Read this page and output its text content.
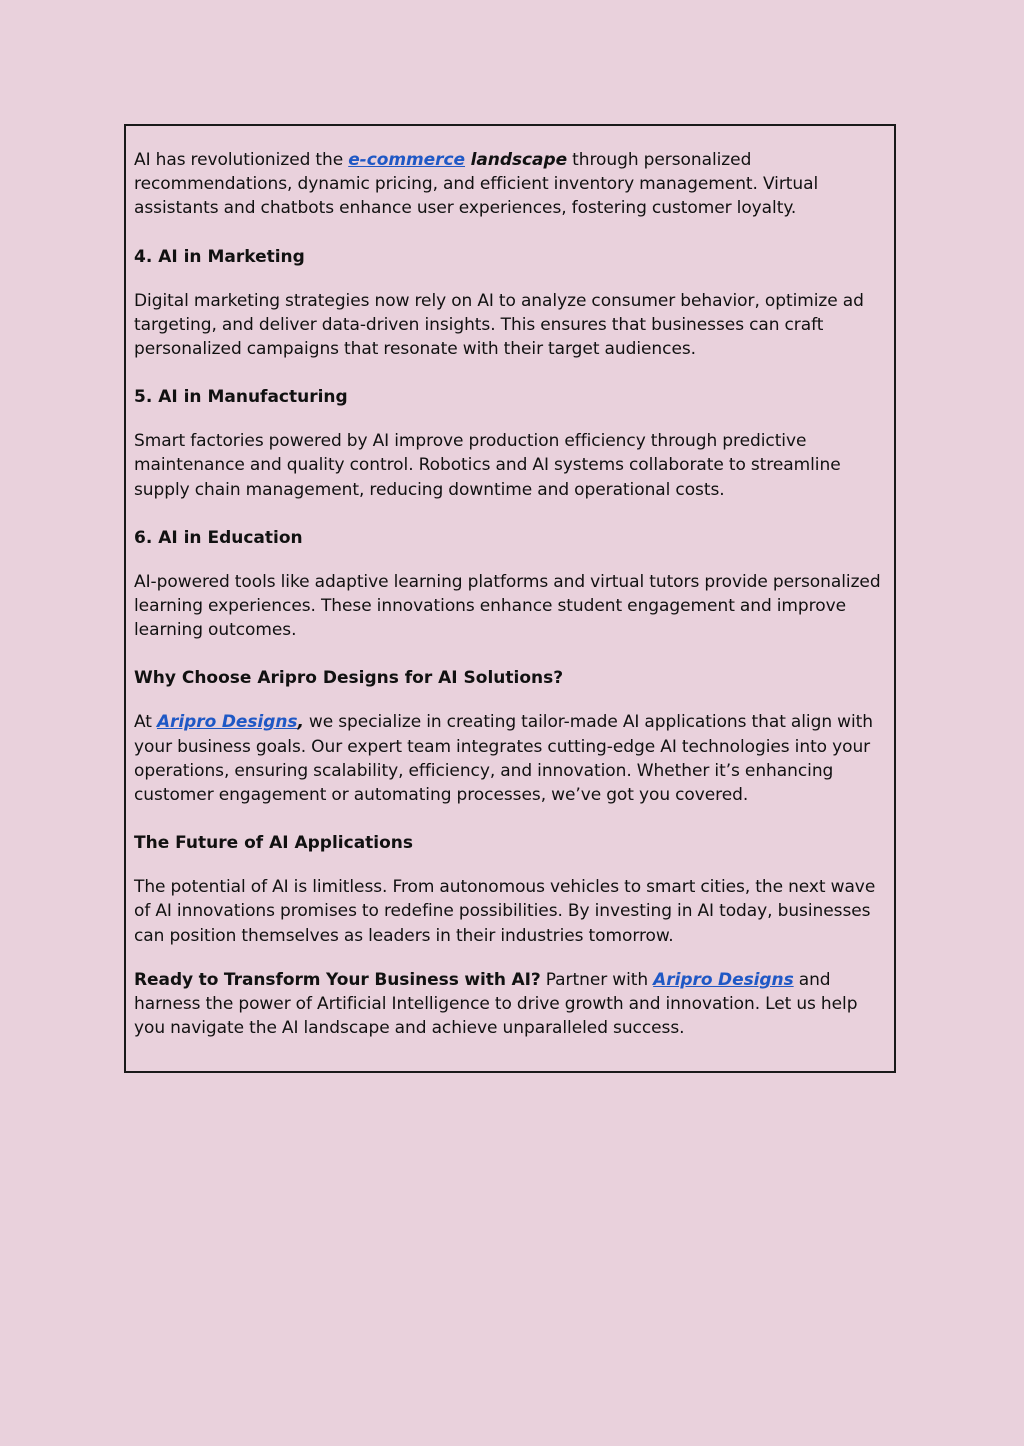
AI has revolutionized the e-commerce landscape through personalized recommendations, dynamic pricing, and efficient inventory management. Virtual assistants and chatbots enhance user experiences, fostering customer loyalty.

4. AI in Marketing

Digital marketing strategies now rely on AI to analyze consumer behavior, optimize ad targeting, and deliver data-driven insights. This ensures that businesses can craft personalized campaigns that resonate with their target audiences.

5. AI in Manufacturing

Smart factories powered by AI improve production efficiency through predictive maintenance and quality control. Robotics and AI systems collaborate to streamline supply chain management, reducing downtime and operational costs.

6. AI in Education

AI-powered tools like adaptive learning platforms and virtual tutors provide personalized learning experiences. These innovations enhance student engagement and improve learning outcomes.

Why Choose Aripro Designs for AI Solutions?

At Aripro Designs, we specialize in creating tailor-made AI applications that align with your business goals. Our expert team integrates cutting-edge AI technologies into your operations, ensuring scalability, efficiency, and innovation. Whether it’s enhancing customer engagement or automating processes, we’ve got you covered.

The Future of AI Applications

The potential of AI is limitless. From autonomous vehicles to smart cities, the next wave of AI innovations promises to redefine possibilities. By investing in AI today, businesses can position themselves as leaders in their industries tomorrow.

Ready to Transform Your Business with AI? Partner with Aripro Designs and harness the power of Artificial Intelligence to drive growth and innovation. Let us help you navigate the AI landscape and achieve unparalleled success.
